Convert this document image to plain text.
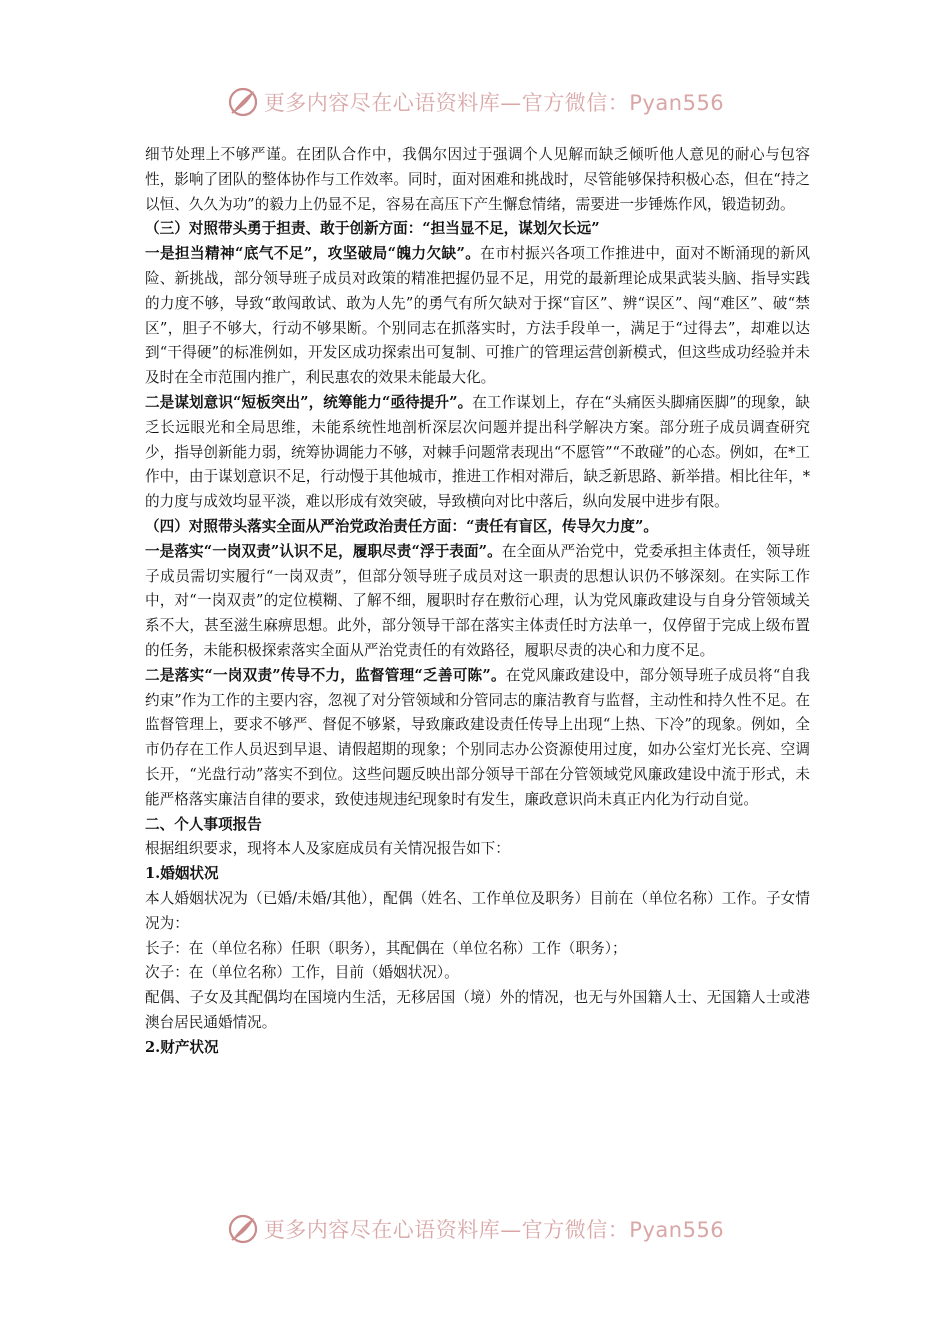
更多内容尽在心语资料库—官方微信：Pyan556

细节处理上不够严谨。在团队合作中，我偶尔因过于强调个人见解而缺乏倾听他人意见的耐心与包容性，影响了团队的整体协作与工作效率。同时，面对困难和挑战时，尽管能够保持积极心态，但在“持之以恒、久久为功”的毅力上仍显不足，容易在高压下产生懈怠情绪，需要进一步锤炼作风，锻造韧劲。

（三）对照带头勇于担责、敢于创新方面：“担当显不足，谋划欠长远”

一是担当精神“底气不足”，攻坚破局“魄力欠缺”。在市村振兴各项工作推进中，面对不断涌现的新风险、新挑战，部分领导班子成员对政策的精准把握仍显不足，用党的最新理论成果武装头脑、指导实践的力度不够，导致“敢闯敢试、敢为人先”的勇气有所欠缺对于探“盲区”、辨“误区”、闯“难区”、破“禁区”，胆子不够大，行动不够果断。个别同志在抓落实时，方法手段单一，满足于“过得去”，却难以达到“干得硬”的标准例如，开发区成功探索出可复制、可推广的管理运营创新模式，但这些成功经验并未及时在全市范围内推广，利民惠农的效果未能最大化。

二是谋划意识“短板突出”，统筹能力“亟待提升”。在工作谋划上，存在“头痛医头脚痛医脚”的现象，缺乏长远眼光和全局思维，未能系统性地剖析深层次问题并提出科学解决方案。部分班子成员调查研究少，指导创新能力弱，统筹协调能力不够，对棘手问题常表现出“不愿管”“不敢碰”的心态。例如，在*工作中，由于谋划意识不足，行动慢于其他城市，推进工作相对滞后，缺乏新思路、新举措。相比往年，*的力度与成效均显平淡，难以形成有效突破，导致横向对比中落后，纵向发展中进步有限。

（四）对照带头落实全面从严治党政治责任方面：“责任有盲区，传导欠力度”。

一是落实“一岗双责”认识不足，履职尽责“浮于表面”。在全面从严治党中，党委承担主体责任，领导班子成员需切实履行“一岗双责”，但部分领导班子成员对这一职责的思想认识仍不够深刻。在实际工作中，对“一岗双责”的定位模糊、了解不细，履职时存在敷衍心理，认为党风廉政建设与自身分管领域关系不大，甚至滋生麻痹思想。此外，部分领导干部在落实主体责任时方法单一，仅停留于完成上级布置的任务，未能积极探索落实全面从严治党责任的有效路径，履职尽责的决心和力度不足。

二是落实“一岗双责”传导不力，监督管理“乏善可陈”。在党风廉政建设中，部分领导班子成员将“自我约束”作为工作的主要内容，忽视了对分管领域和分管同志的廉洁教育与监督，主动性和持久性不足。在监督管理上，要求不够严、督促不够紧，导致廉政建设责任传导上出现“上热、下冷”的现象。例如，全市仍存在工作人员迟到早退、请假超期的现象；个别同志办公资源使用过度，如办公室灯光长亮、空调长开，“光盘行动”落实不到位。这些问题反映出部分领导干部在分管领域党风廉政建设中流于形式，未能严格落实廉洁自律的要求，致使违规违纪现象时有发生，廉政意识尚未真正内化为行动自觉。

二、个人事项报告

根据组织要求，现将本人及家庭成员有关情况报告如下：

1.婚姻状况

本人婚姻状况为（已婚/未婚/其他），配偶（姓名、工作单位及职务）目前在（单位名称）工作。子女情况为：

长子：在（单位名称）任职（职务），其配偶在（单位名称）工作（职务）；

次子：在（单位名称）工作，目前（婚姻状况）。

配偶、子女及其配偶均在国境内生活，无移居国（境）外的情况，也无与外国籍人士、无国籍人士或港澳台居民通婚情况。

2.财产状况

更多内容尽在心语资料库—官方微信：Pyan556
